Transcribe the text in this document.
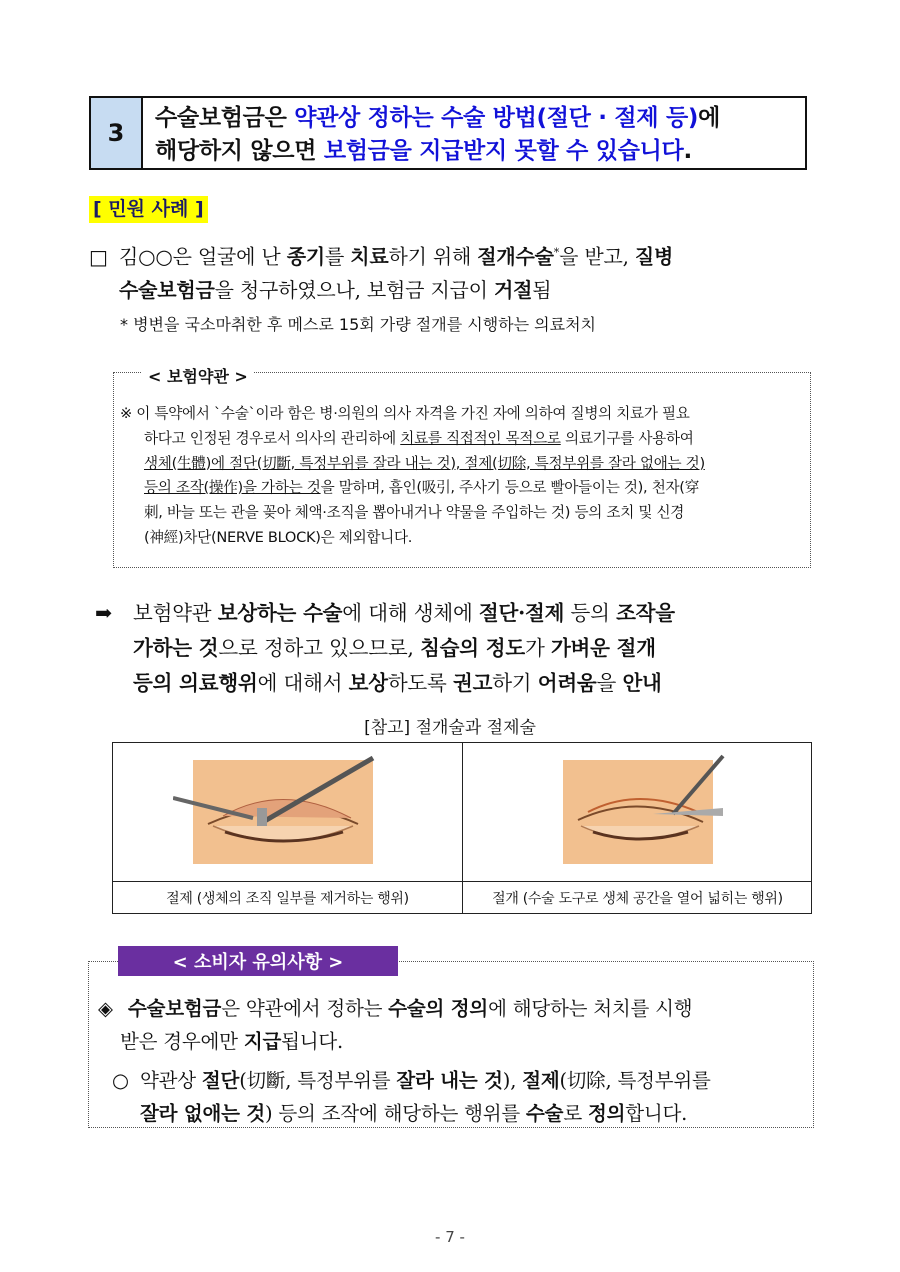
3
수술보험금은 약관상 정하는 수술 방법(절단 · 절제 등)에
해당하지 않으면 보험금을 지급받지 못할 수 있습니다.
[ 민원 사례 ]
□ 김○○은 얼굴에 난 종기를 치료하기 위해 절개수술*을 받고, 질병
수술보험금을 청구하였으나, 보험금 지급이 거절됨
* 병변을 국소마취한 후 메스로 15회 가량 절개를 시행하는 의료처치
< 보험약관 >
※ 이 특약에서 `수술`이라 함은 병·의원의 의사 자격을 가진 자에 의하여 질병의 치료가 필요
하다고 인정된 경우로서 의사의 관리하에 치료를 직접적인 목적으로 의료기구를 사용하여
생체(生體)에 절단(切斷, 특정부위를 잘라 내는 것), 절제(切除, 특정부위를 잘라 없애는 것)
등의 조작(操作)을 가하는 것을 말하며, 흡인(吸引, 주사기 등으로 빨아들이는 것), 천자(穿
刺, 바늘 또는 관을 꽂아 체액·조직을 뽑아내거나 약물을 주입하는 것) 등의 조치 및 신경
(神經)차단(NERVE BLOCK)은 제외합니다.
➡ 보험약관 보상하는 수술에 대해 생체에 절단·절제 등의 조작을
가하는 것으로 정하고 있으므로, 침습의 정도가 가벼운 절개
등의 의료행위에 대해서 보상하도록 권고하기 어려움을 안내
[참고] 절개술과 절제술
절제 (생체의 조직 일부를 제거하는 행위)	절개 (수술 도구로 생체 공간을 열어 넓히는 행위)
< 소비자 유의사항 >
◈ 수술보험금은 약관에서 정하는 수술의 정의에 해당하는 처치를 시행
받은 경우에만 지급됩니다.
○ 약관상 절단(切斷, 특정부위를 잘라 내는 것), 절제(切除, 특정부위를
잘라 없애는 것) 등의 조작에 해당하는 행위를 수술로 정의합니다.
- 7 -
